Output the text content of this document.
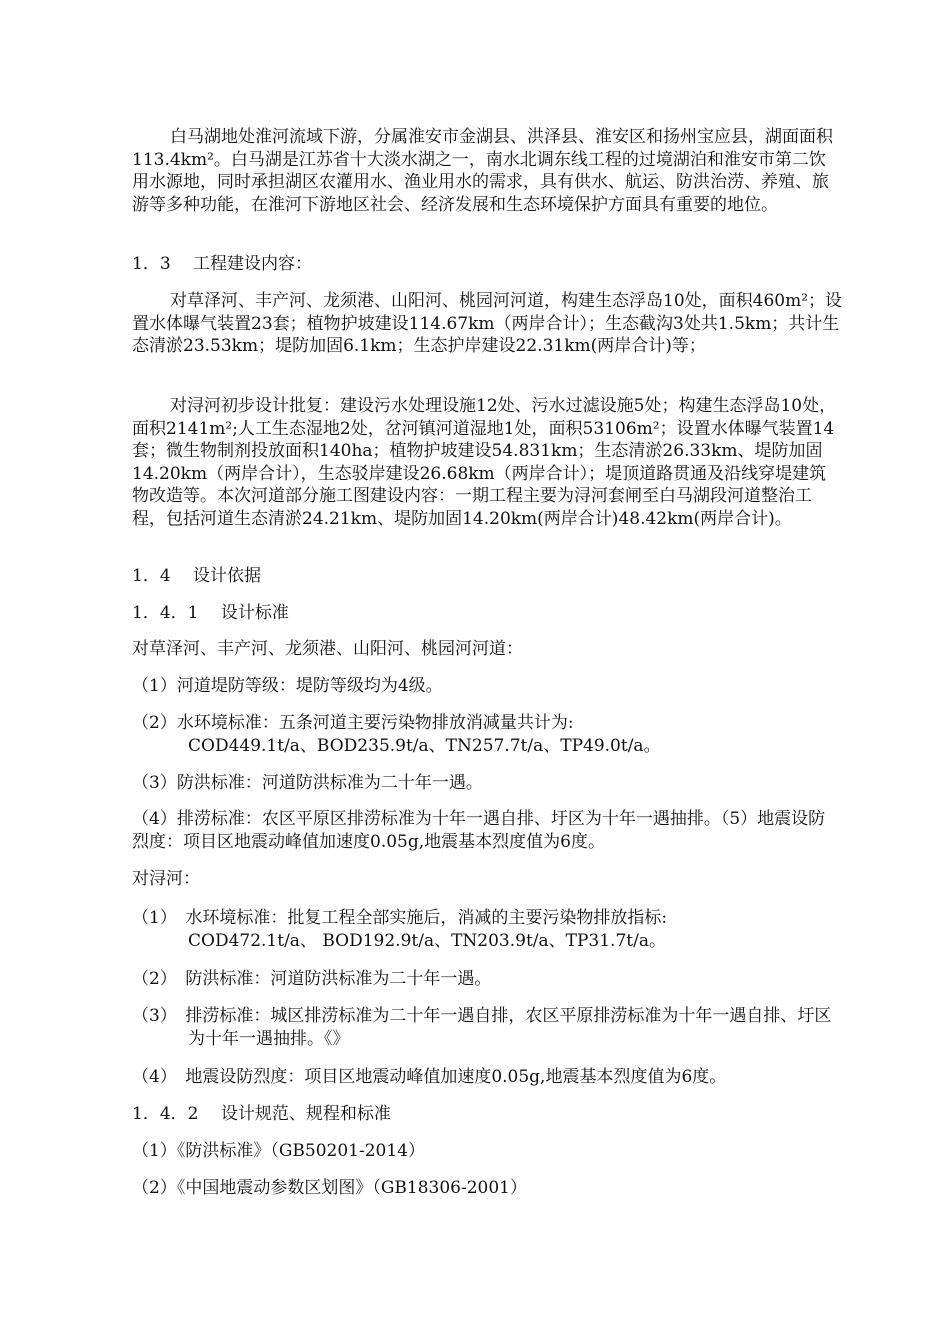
白马湖地处淮河流域下游，分属淮安市金湖县、洪泽县、淮安区和扬州宝应县，湖面面积113.4km²。白马湖是江苏省十大淡水湖之一，南水北调东线工程的过境湖泊和淮安市第二饮用水源地，同时承担湖区农灌用水、渔业用水的需求，具有供水、航运、防洪治涝、养殖、旅游等多种功能，在淮河下游地区社会、经济发展和生态环境保护方面具有重要的地位。
1．3　 工程建设内容：
对草泽河、丰产河、龙须港、山阳河、桃园河河道，构建生态浮岛10处，面积460m²；设置水体曝气装置23套；植物护坡建设114.67km（两岸合计）；生态截沟3处共1.5km；共计生态清淤23.53km；堤防加固6.1km；生态护岸建设22.31km(两岸合计)等；
对浔河初步设计批复：建设污水处理设施12处、污水过滤设施5处；构建生态浮岛10处，面积2141m²;人工生态湿地2处，岔河镇河道湿地1处，面积53106m²；设置水体曝气装置14套；微生物制剂投放面积140ha；植物护坡建设54.831km；生态清淤26.33km、堤防加固14.20km（两岸合计），生态驳岸建设26.68km（两岸合计）；堤顶道路贯通及沿线穿堤建筑物改造等。本次河道部分施工图建设内容：一期工程主要为浔河套闸至白马湖段河道整治工程，包括河道生态清淤24.21km、堤防加固14.20km(两岸合计)48.42km(两岸合计)。
1．4　 设计依据
1．4．1　 设计标准
对草泽河、丰产河、龙须港、山阳河、桃园河河道：
（1）河道堤防等级：堤防等级均为4级。
（2）水环境标准：五条河道主要污染物排放消减量共计为:
COD449.1t/a、BOD235.9t/a、TN257.7t/a、TP49.0t/a。
（3）防洪标准：河道防洪标准为二十年一遇。
（4）排涝标准：农区平原区排涝标准为十年一遇自排、圩区为十年一遇抽排。（5）地震设防烈度：项目区地震动峰值加速度0.05g,地震基本烈度值为6度。
对浔河：
（1）　水环境标准：批复工程全部实施后，消减的主要污染物排放指标:
COD472.1t/a、 BOD192.9t/a、TN203.9t/a、TP31.7t/a。
（2）　防洪标准：河道防洪标准为二十年一遇。
（3）　排涝标准：城区排涝标准为二十年一遇自排，农区平原排涝标准为十年一遇自排、圩区为十年一遇抽排。《》
（4）　地震设防烈度：项目区地震动峰值加速度0.05g,地震基本烈度值为6度。
1．4．2　 设计规范、规程和标准
（1）《防洪标准》（GB50201-2014）
（2）《中国地震动参数区划图》（GB18306-2001）
